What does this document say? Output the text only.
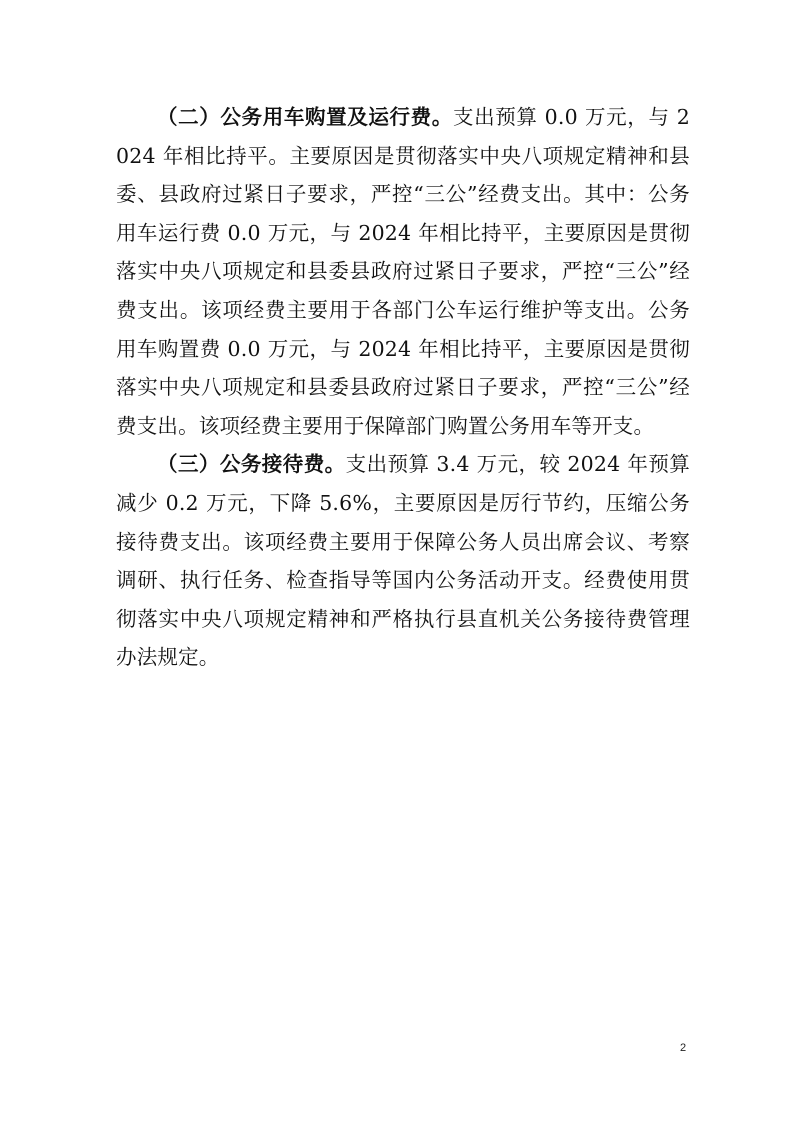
（二）公务用车购置及运行费。支出预算 0.0 万元，与 2024 年相比持平。主要原因是贯彻落实中央八项规定精神和县委、县政府过紧日子要求，严控“三公”经费支出。其中：公务用车运行费 0.0 万元，与 2024 年相比持平，主要原因是贯彻落实中央八项规定和县委县政府过紧日子要求，严控“三公”经费支出。该项经费主要用于各部门公车运行维护等支出。公务用车购置费 0.0 万元，与 2024 年相比持平，主要原因是贯彻落实中央八项规定和县委县政府过紧日子要求，严控“三公”经费支出。该项经费主要用于保障部门购置公务用车等开支。

（三）公务接待费。支出预算 3.4 万元，较 2024 年预算减少 0.2 万元，下降 5.6%，主要原因是厉行节约，压缩公务接待费支出。该项经费主要用于保障公务人员出席会议、考察调研、执行任务、检查指导等国内公务活动开支。经费使用贯彻落实中央八项规定精神和严格执行县直机关公务接待费管理办法规定。

2
